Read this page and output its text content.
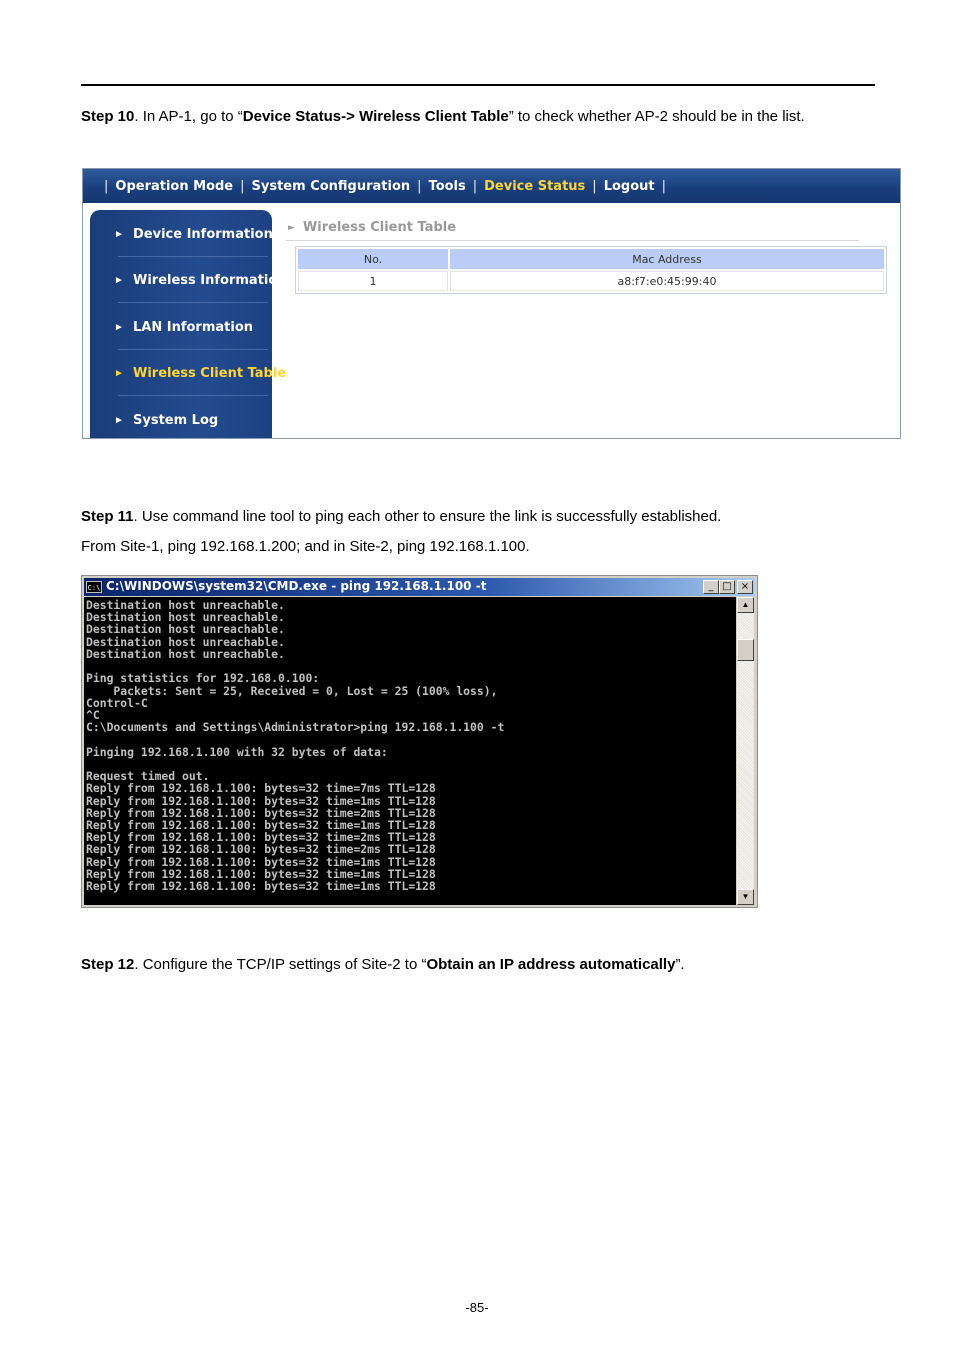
Step 10. In AP-1, go to “Device Status-> Wireless Client Table” to check whether AP-2 should be in the list.
| Operation Mode | System Configuration | Tools | Device Status | Logout |
► Device Information
► Wireless Information
► LAN Information
► Wireless Client Table
► System Log
► Wireless Client Table
No.	Mac Address
1	a8:f7:e0:45:99:40
Step 11. Use command line tool to ping each other to ensure the link is successfully established.
From Site-1, ping 192.168.1.200; and in Site-2, ping 192.168.1.100.
C:\ C:\WINDOWS\system32\CMD.exe - ping 192.168.1.100 -t	_ □ ×
Destination host unreachable.
Destination host unreachable.
Destination host unreachable.
Destination host unreachable.
Destination host unreachable.
Ping statistics for 192.168.0.100:
Packets: Sent = 25, Received = 0, Lost = 25 (100% loss),
Control-C
^C
C:\Documents and Settings\Administrator>ping 192.168.1.100 -t
Pinging 192.168.1.100 with 32 bytes of data:
Request timed out.
Reply from 192.168.1.100: bytes=32 time=7ms TTL=128
Reply from 192.168.1.100: bytes=32 time=1ms TTL=128
Reply from 192.168.1.100: bytes=32 time=2ms TTL=128
Reply from 192.168.1.100: bytes=32 time=1ms TTL=128
Reply from 192.168.1.100: bytes=32 time=2ms TTL=128
Reply from 192.168.1.100: bytes=32 time=2ms TTL=128
Reply from 192.168.1.100: bytes=32 time=1ms TTL=128
Reply from 192.168.1.100: bytes=32 time=1ms TTL=128
Reply from 192.168.1.100: bytes=32 time=1ms TTL=128
▲
▼
Step 12. Configure the TCP/IP settings of Site-2 to “Obtain an IP address automatically”.
-85-
